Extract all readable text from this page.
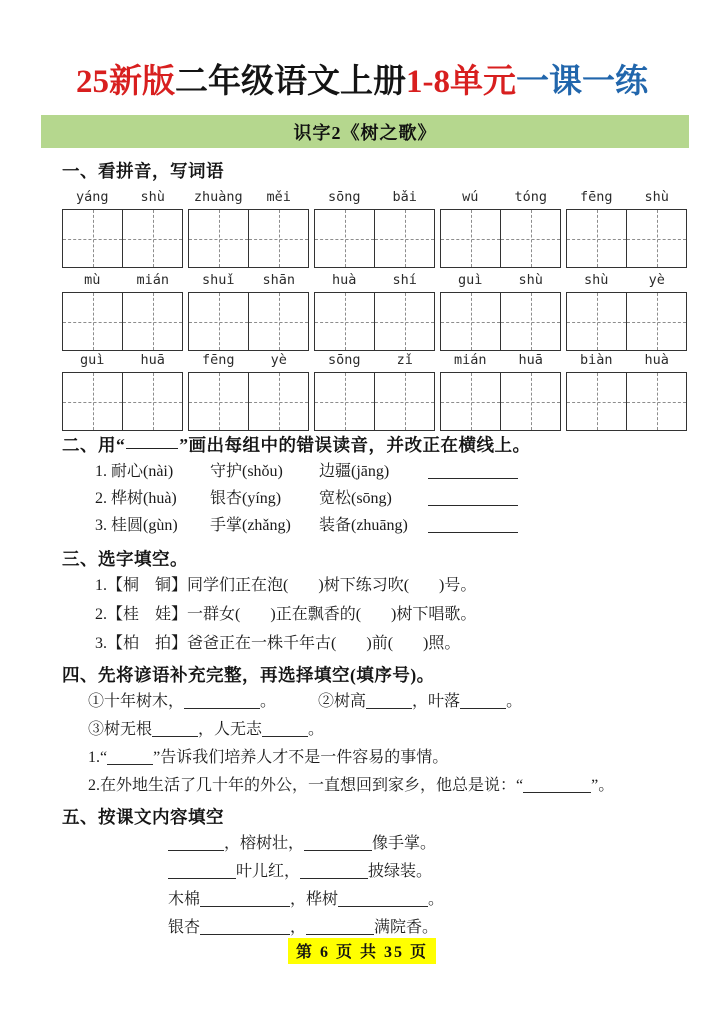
25新版二年级语文上册1-8单元一课一练
识字2《树之歌》
一、看拼音，写词语
yáng	shù	zhuàng	měi	sōng	bǎi	wú	tóng	fēng	shù
mù	mián	shuǐ	shān	huà	shí	guì	shù	shù	yè
guì	huā	fēng	yè	sōng	zǐ	mián	huā	biàn	huà
二、用“	”画出每组中的错误读音，并改正在横线上。
1. 耐心(nài) 守护(shǒu) 边疆(jāng)
2. 桦树(huà) 银杏(yíng) 宽松(sōng)
3. 桂圆(gùn) 手掌(zhǎng) 装备(zhuāng)
三、选字填空。
1.【桐　铜】同学们正在泡( )树下练习吹( )号。
2.【桂　娃】一群女( )正在飘香的( )树下唱歌。
3.【柏　拍】爸爸正在一株千年古( )前( )照。
四、先将谚语补充完整，再选择填空(填序号)。
①十年树木，	。	②树高	，叶落	。
③树无根	，人无志	。
1.“	”告诉我们培养人才不是一件容易的事情。
2.在外地生活了几十年的外公，一直想回到家乡，他总是说：“	”。
五、按课文内容填空
，榕树壮，	像手掌。
叶儿红，	披绿装。
木棉	，桦树	。
银杏	，	满院香。
第 6 页 共 35 页
